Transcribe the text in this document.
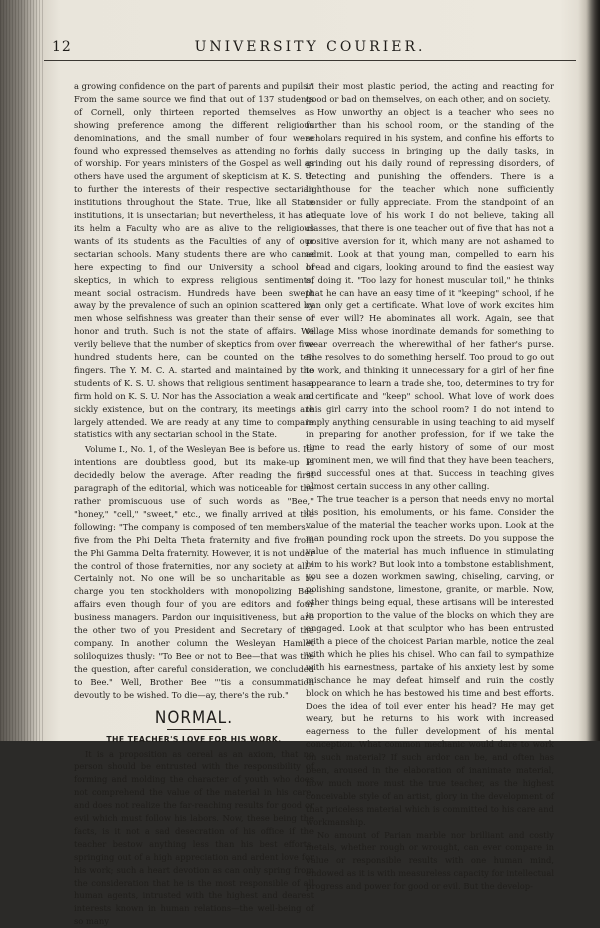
12	UNIVERSITY COURIER.

a growing confidence on the part of parents and pupils." From the same source we find that out of 137 students of Cornell, only thirteen reported themselves as showing preference among the different religious denominations, and the small number of four were found who expressed themselves as attending no form of worship. For years ministers of the Gospel as well as others have used the argument of skepticism at K. S. U. to further the interests of their respective sectarian institutions throughout the State. True, like all State institutions, it is unsectarian; but nevertheless, it has at its helm a Faculty who are as alive to the religious wants of its students as the Faculties of any of our sectarian schools. Many students there are who came here expecting to find our University a school of skeptics, in which to express religious sentiments, meant social ostracism. Hundreds have been swept away by the prevalence of such an opinion scattered by men whose selfishness was greater than their sense of honor and truth. Such is not the state of affairs. We verily believe that the number of skeptics from over five hundred students here, can be counted on the ten fingers. The Y. M. C. A. started and maintained by the students of K. S. U. shows that religious sentiment has a firm hold on K. S. U. Nor has the Association a weak and sickly existence, but on the contrary, its meetings are largely attended. We are ready at any time to compare statistics with any sectarian school in the State.

Volume I., No. 1, of the Wesleyan Bee is before us. Its intentions are doubtless good, but its make-up is decidedly below the average. After reading the first paragraph of the editorial, which was noticeable for the rather promiscuous use of such words as "Bee," "honey," "cell," "sweet," etc., we finally arrived at the following: "The company is composed of ten members—five from the Phi Delta Theta fraternity and five from the Phi Gamma Delta fraternity. However, it is not under the control of those fraternities, nor any society at all." Certainly not. No one will be so uncharitable as to charge you ten stockholders with monopolizing Bee affairs even though four of you are editors and four business managers. Pardon our inquisitiveness, but are the other two of you President and Secretary of the company. In another column the Wesleyan Hamlet soliloquizes thusly: "To Bee or not to Bee—that was the the question, after careful consideration, we concluded to Bee." Well, Brother Bee "'tis a consummation devoutly to be wished. To die—ay, there's the rub."

NORMAL.
THE TEACHER'S LOVE FOR HIS WORK.

It is a proposition as cereal as an axiom, that no person should be entrusted with the responsibility of forming and molding the character of youth who does not comprehend the value of the material in his care, and does not realize the far-reaching results for good or evil which must follow his labors. Now, these being the facts, is it not a sad desecration of his office if the teacher bestow anything less than his best efforts, springing out of a high appreciation and ardent love for his work; such a heart devotion as can only spring from the consideration that he is the most responsible of all human agents, intrusted with the highest and dearest interests known in human relations—the well-being of so many

in their most plastic period, the acting and reacting for good or bad on themselves, on each other, and on society.

How unworthy an object is a teacher who sees no further than his school room, or the standing of the scholars required in his system, and confine his efforts to his daily success in bringing up the daily tasks, in grinding out his daily round of repressing disorders, of detecting and punishing the offenders. There is a lighthouse for the teacher which none sufficiently consider or fully appreciate. From the standpoint of an adequate love of his work I do not believe, taking all classes, that there is one teacher out of five that has not a positive aversion for it, which many are not ashamed to admit. Look at that young man, compelled to earn his bread and cigars, looking around to find the easiest way of doing it. "Too lazy for honest muscular toil," he thinks that he can have an easy time of it "keeping" school, if he can only get a certificate. What love of work excites him or ever will? He abominates all work. Again, see that village Miss whose inordinate demands for something to wear overreach the wherewithal of her father's purse. She resolves to do something herself. Too proud to go out to work, and thinking it unnecessary for a girl of her fine appearance to learn a trade she, too, determines to try for a certificate and "keep" school. What love of work does this girl carry into the school room? I do not intend to imply anything censurable in using teaching to aid myself in preparing for another profession, for if we take the time to read the early history of some of our most prominent men, we will find that they have been teachers, and successful ones at that. Success in teaching gives almost certain success in any other calling.

The true teacher is a person that needs envy no mortal his position, his emoluments, or his fame. Consider the value of the material the teacher works upon. Look at the man pounding rock upon the streets. Do you suppose the value of the material has much influence in stimulating him to his work? But look into a tombstone establishment, you see a dozen workmen sawing, chiseling, carving, or polishing sandstone, limestone, granite, or marble. Now, other things being equal, these artisans will be interested in proportion to the value of the blocks on which they are engaged. Look at that sculptor who has been entrusted with a piece of the choicest Parian marble, notice the zeal with which he plies his chisel. Who can fail to sympathize with his earnestness, partake of his anxiety lest by some mischance he may defeat himself and ruin the costly block on which he has bestowed his time and best efforts. Does the idea of toil ever enter his head? He may get weary, but he returns to his work with increased eagerness to the fuller development of his mental conception. What common mechanic would dare to work on such material? If such ardor can be, and often has been, aroused in the elaboration of inanimate material, how much more must the true teacher, as the highest conceivable style of an artist, glory in the development of that priceless material which is committed to his care and workmanship.

No amount of Parian marble nor brilliant and costly metals, whether rough or wrought, can ever compare in value or responsible results with one human mind, endowed as it is with measureless capacity for intellectual progress and power for good or evil. But the develop-
